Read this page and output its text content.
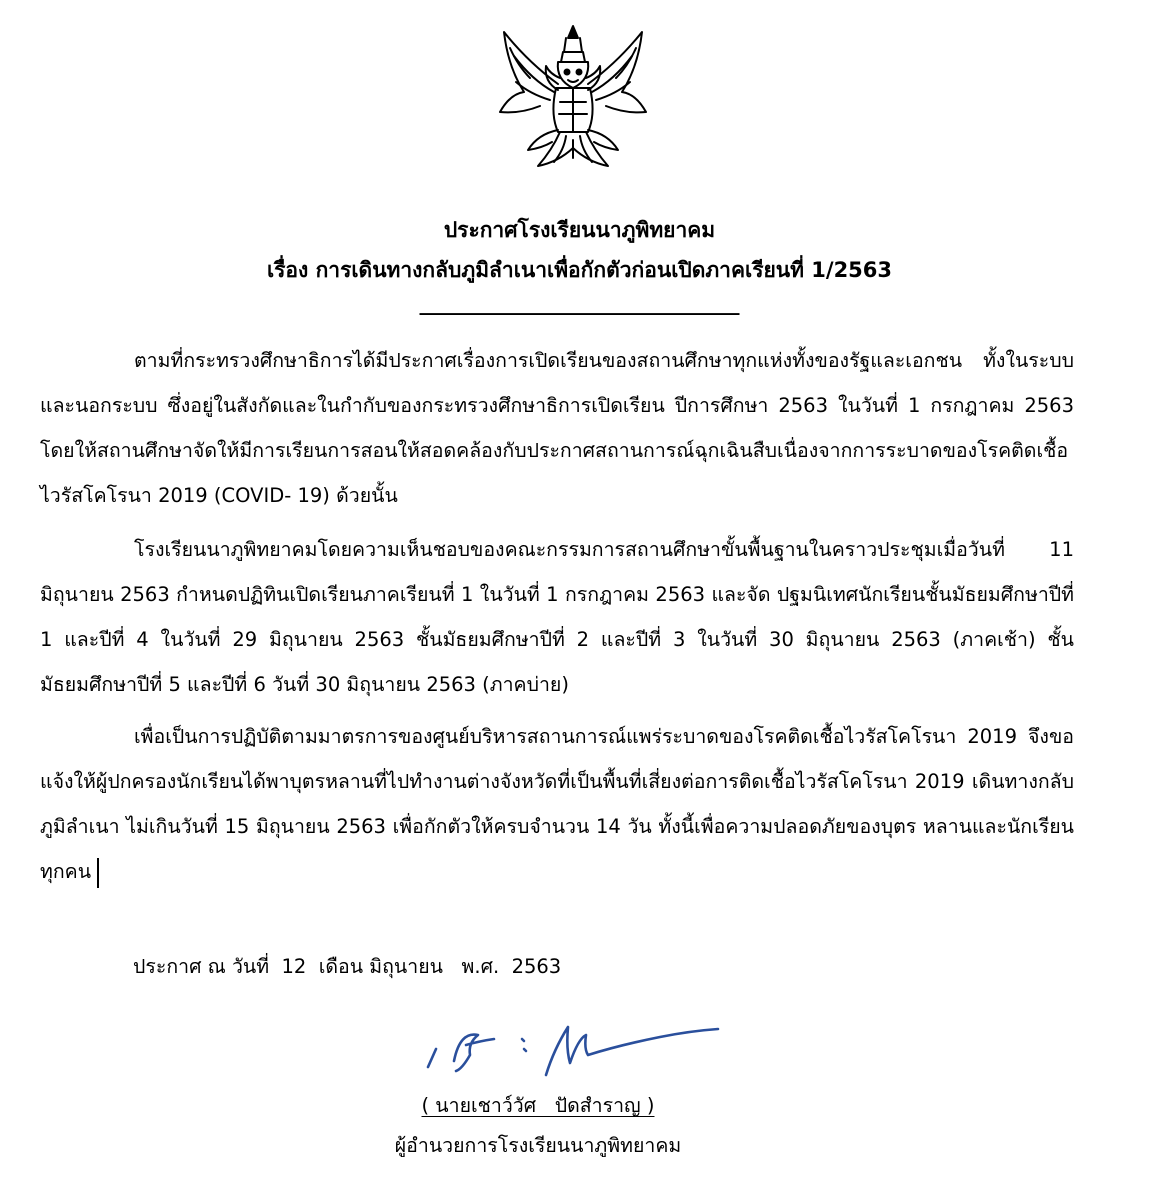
ประกาศโรงเรียนนาภูพิทยาคม
เรื่อง การเดินทางกลับภูมิลำเนาเพื่อกักตัวก่อนเปิดภาคเรียนที่ 1/2563
________________________________
ตามที่กระทรวงศึกษาธิการได้มีประกาศเรื่องการเปิดเรียนของสถานศึกษาทุกแห่งทั้งของรัฐและเอกชน ทั้งในระบบและนอกระบบ ซึ่งอยู่ในสังกัดและในกำกับของกระทรวงศึกษาธิการเปิดเรียน ปีการศึกษา 2563 ในวันที่ 1 กรกฎาคม 2563 โดยให้สถานศึกษาจัดให้มีการเรียนการสอนให้สอดคล้องกับประกาศสถานการณ์ฉุกเฉินสืบเนื่องจากการระบาดของโรคติดเชื้อไวรัสโคโรนา 2019 (COVID- 19) ด้วยนั้น
โรงเรียนนาภูพิทยาคมโดยความเห็นชอบของคณะกรรมการสถานศึกษาขั้นพื้นฐานในคราวประชุมเมื่อวันที่ 11 มิถุนายน 2563 กำหนดปฏิทินเปิดเรียนภาคเรียนที่ 1 ในวันที่ 1 กรกฎาคม 2563 และจัด ปฐมนิเทศนักเรียนชั้นมัธยมศึกษาปีที่ 1 และปีที่ 4 ในวันที่ 29 มิถุนายน 2563 ชั้นมัธยมศึกษาปีที่ 2 และปีที่ 3 ในวันที่ 30 มิถุนายน 2563 (ภาคเช้า) ชั้นมัธยมศึกษาปีที่ 5 และปีที่ 6 วันที่ 30 มิถุนายน 2563 (ภาคบ่าย)
เพื่อเป็นการปฏิบัติตามมาตรการของศูนย์บริหารสถานการณ์แพร่ระบาดของโรคติดเชื้อไวรัสโคโรนา 2019 จึงขอแจ้งให้ผู้ปกครองนักเรียนได้พาบุตรหลานที่ไปทำงานต่างจังหวัดที่เป็นพื้นที่เสี่ยงต่อการติดเชื้อไวรัสโคโรนา 2019 เดินทางกลับภูมิลำเนา ไม่เกินวันที่ 15 มิถุนายน 2563 เพื่อกักตัวให้ครบจำนวน 14 วัน ทั้งนี้เพื่อความปลอดภัยของบุตร หลานและนักเรียนทุกคน
ประกาศ ณ วันที่  12  เดือน มิถุนายน   พ.ศ.  2563
( นายเชาว์วัศ   ปัดสำราญ )
ผู้อำนวยการโรงเรียนนาภูพิทยาคม
